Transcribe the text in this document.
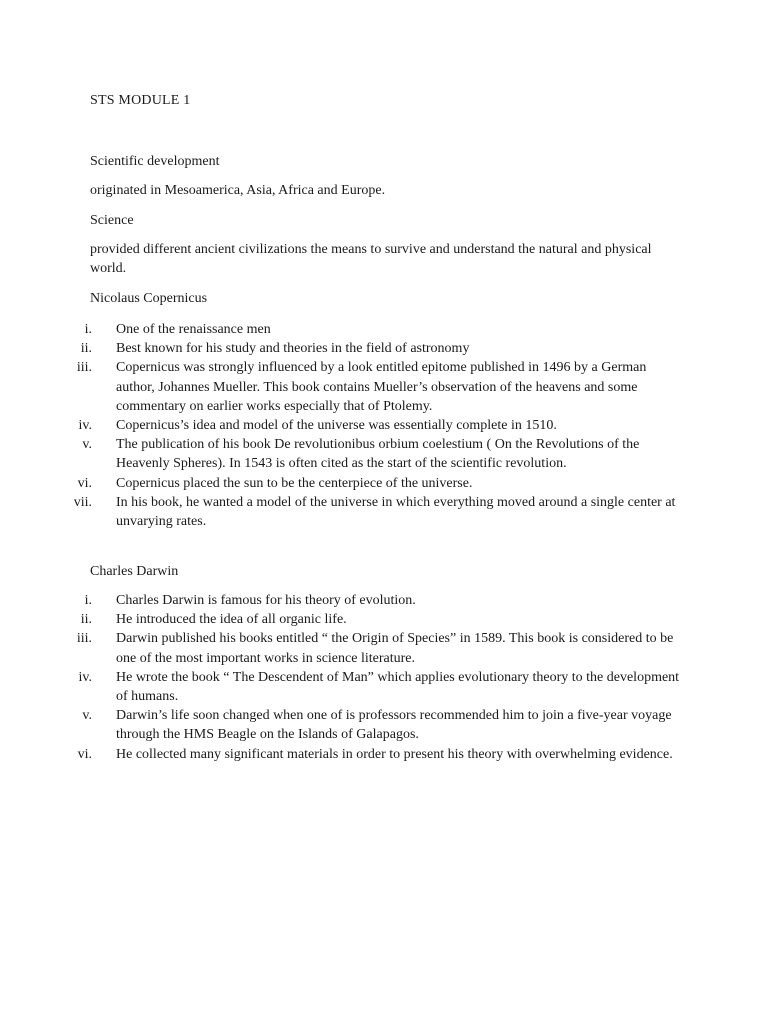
STS MODULE 1
Scientific development
originated in Mesoamerica, Asia, Africa and Europe.
Science
provided different ancient civilizations the means to survive and understand the natural and physical world.
Nicolaus Copernicus
i. One of the renaissance men
ii. Best known for his study and theories in the field of astronomy
iii. Copernicus was strongly influenced by a look entitled epitome published in 1496 by a German author, Johannes Mueller. This book contains Mueller’s observation of the heavens and some commentary on earlier works especially that of Ptolemy.
iv. Copernicus’s idea and model of the universe was essentially complete in 1510.
v. The publication of his book De revolutionibus orbium coelestium ( On the Revolutions of the Heavenly Spheres). In 1543 is often cited as the start of the scientific revolution.
vi. Copernicus placed the sun to be the centerpiece of the universe.
vii. In his book, he wanted a model of the universe in which everything moved around a single center at unvarying rates.
Charles Darwin
i. Charles Darwin is famous for his theory of evolution.
ii. He introduced the idea of all organic life.
iii. Darwin published his books entitled “ the Origin of Species” in 1589. This book is considered to be one of the most important works in science literature.
iv. He wrote the book “ The Descendent of Man” which applies evolutionary theory to the development of humans.
v. Darwin’s life soon changed when one of is professors recommended him to join a five-year voyage through the HMS Beagle on the Islands of Galapagos.
vi. He collected many significant materials in order to present his theory with overwhelming evidence.
